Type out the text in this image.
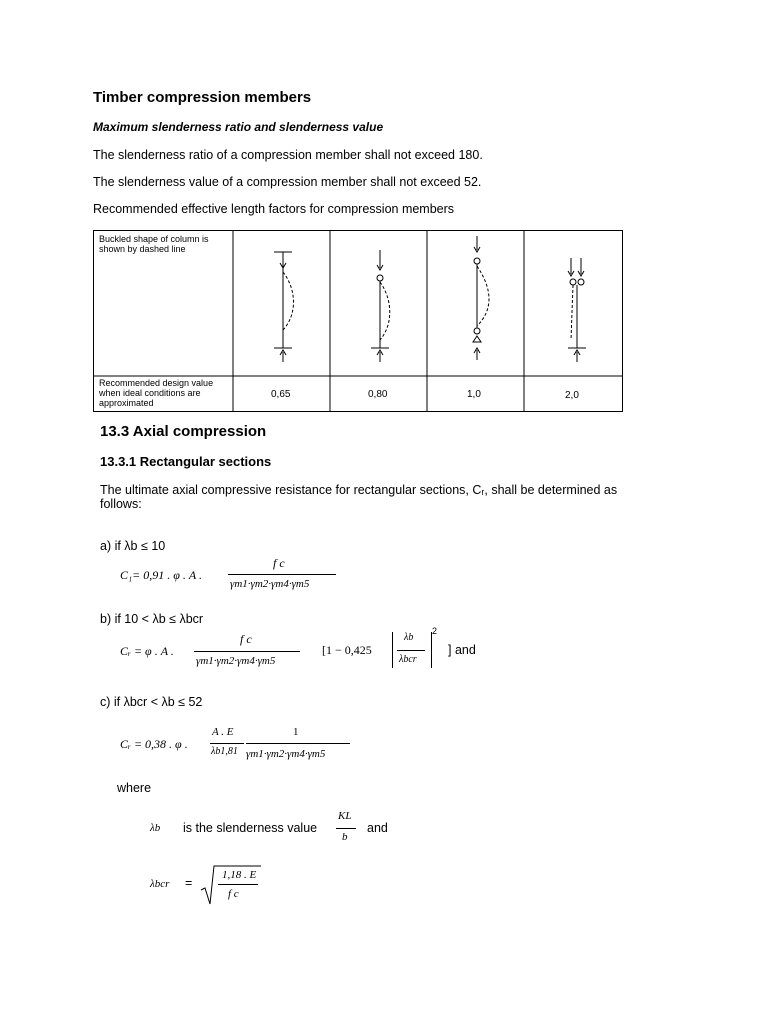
Timber compression members
Maximum slenderness ratio and slenderness value
The slenderness ratio of a compression member shall not exceed 180.
The slenderness value of a compression member shall not exceed 52.
Recommended effective length factors for compression members
Buckled shape of column is
shown by dashed line
Recommended design value
when ideal conditions are
approximated
0,65	0,80	1,0	2,0
13.3 Axial compression
13.3.1 Rectangular sections
The ultimate axial compressive resistance for rectangular sections, Cᵣ, shall be determined as
follows:
a) if λb ≤ 10
C₁= 0,91 . φ . A .
f c
γm1·γm2·γm4·γm5
b) if 10 < λb ≤ λbcr
Cᵣ = φ . A .
f c
γm1·γm2·γm4·γm5
[1 − 0,425
λb
λbcr
2
] and
c) if λbcr < λb ≤ 52
Cᵣ = 0,38 . φ .
A . E
λb1,81
1
γm1·γm2·γm4·γm5
where
λb is the slenderness value
KL
b
and
λbcr =
1,18 . E
f c
